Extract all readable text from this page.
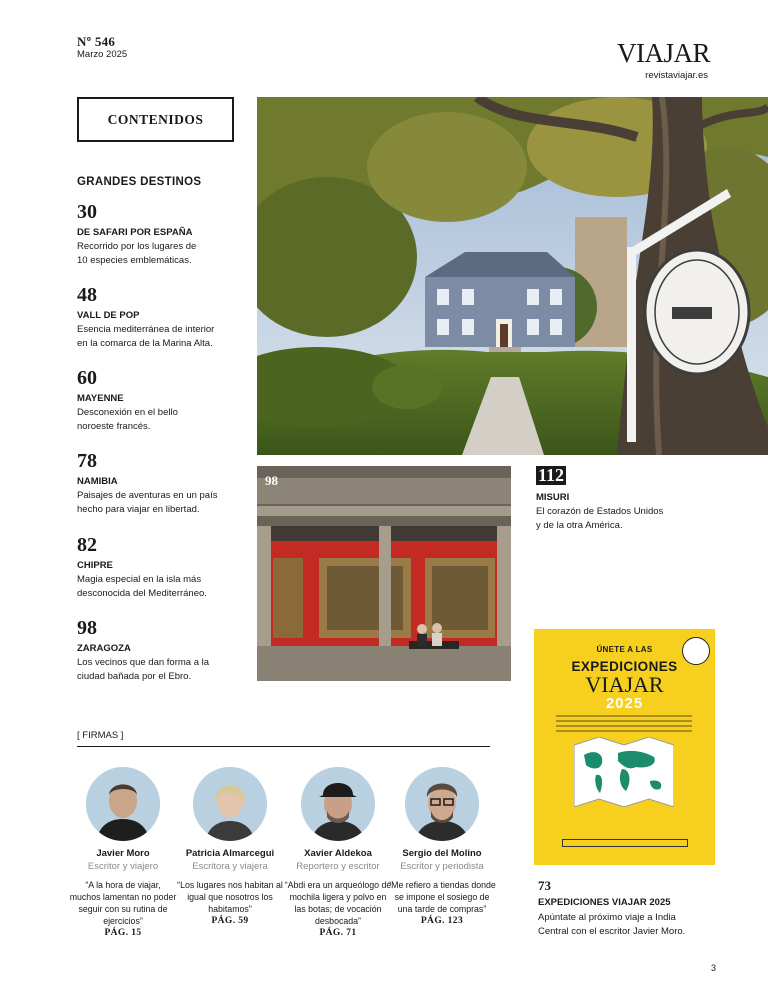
Nº 546
Marzo 2025	VIAJAR
revistaviajar.es
CONTENIDOS
GRANDES DESTINOS
30
DE SAFARI POR ESPAÑA
Recorrido por los lugares de
10 especies emblemáticas.
48
VALL DE POP
Esencia mediterránea de interior
en la comarca de la Marina Alta.
60
MAYENNE
Desconexión en el bello
noroeste francés.
78
NAMIBIA
Paisajes de aventuras en un país
hecho para viajar en libertad.
82
CHIPRE
Magia especial en la isla más
desconocida del Mediterráneo.
98
ZARAGOZA
Los vecinos que dan forma a la
ciudad bañada por el Ebro.
98	112
MISURI
El corazón de Estados Unidos
y de la otra América.
[ FIRMAS ]
Javier Moro
Escritor y viajero
“A la hora de viajar, muchos lamentan no poder seguir con su rutina de ejercicios”
PÁG. 15
Patricia Almarcegui
Escritora y viajera
“Los lugares nos habitan al igual que nosotros los habitamos”
PÁG. 59
Xavier Aldekoa
Reportero y escritor
“Abdi era un arqueólogo de mochila ligera y polvo en las botas; de vocación desbocada”
PÁG. 71
Sergio del Molino
Escritor y periodista
“Me refiero a tiendas donde se impone el sosiego de una tarde de compras”
PÁG. 123
ÚNETE A LAS
EXPEDICIONES
VIAJAR
2025
73
EXPEDICIONES VIAJAR 2025
Apúntate al próximo viaje a India
Central con el escritor Javier Moro.
3
